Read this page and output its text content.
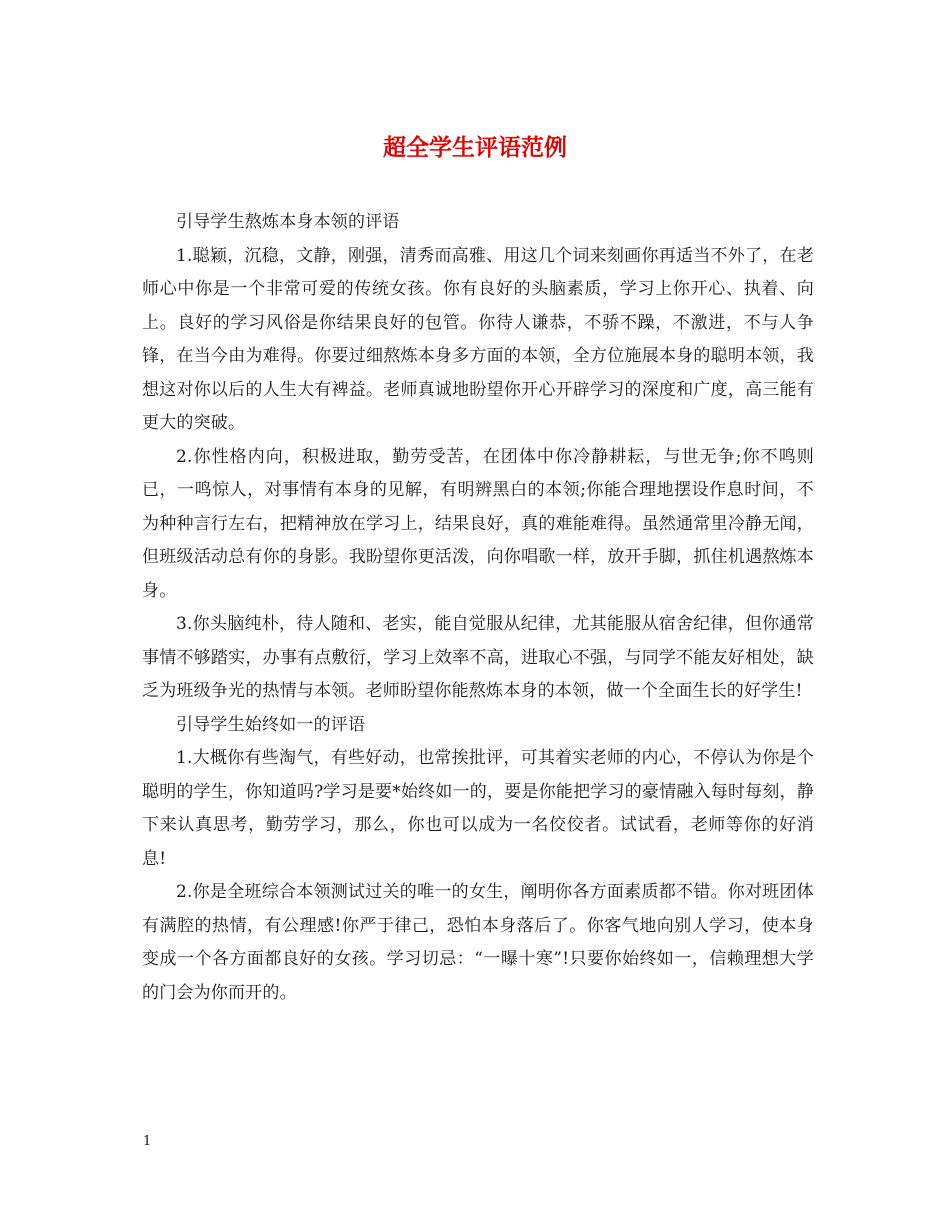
超全学生评语范例

引导学生熬炼本身本领的评语

1.聪颖，沉稳，文静，刚强，清秀而高雅、用这几个词来刻画你再适当不外了，在老师心中你是一个非常可爱的传统女孩。你有良好的头脑素质，学习上你开心、执着、向上。良好的学习风俗是你结果良好的包管。你待人谦恭，不骄不躁，不激进，不与人争锋，在当今由为难得。你要过细熬炼本身多方面的本领，全方位施展本身的聪明本领，我想这对你以后的人生大有裨益。老师真诚地盼望你开心开辟学习的深度和广度，高三能有更大的突破。

2.你性格内向，积极进取，勤劳受苦，在团体中你冷静耕耘，与世无争;你不鸣则已，一鸣惊人，对事情有本身的见解，有明辨黑白的本领;你能合理地摆设作息时间，不为种种言行左右，把精神放在学习上，结果良好，真的难能难得。虽然通常里冷静无闻，但班级活动总有你的身影。我盼望你更活泼，向你唱歌一样，放开手脚，抓住机遇熬炼本身。

3.你头脑纯朴，待人随和、老实，能自觉服从纪律，尤其能服从宿舍纪律，但你通常事情不够踏实，办事有点敷衍，学习上效率不高，进取心不强，与同学不能友好相处，缺乏为班级争光的热情与本领。老师盼望你能熬炼本身的本领，做一个全面生长的好学生!

引导学生始终如一的评语

1.大概你有些淘气，有些好动，也常挨批评，可其着实老师的内心，不停认为你是个聪明的学生，你知道吗?学习是要*始终如一的，要是你能把学习的豪情融入每时每刻，静下来认真思考，勤劳学习，那么，你也可以成为一名佼佼者。试试看，老师等你的好消息!

2.你是全班综合本领测试过关的唯一的女生，阐明你各方面素质都不错。你对班团体有满腔的热情，有公理感!你严于律己，恐怕本身落后了。你客气地向别人学习，使本身变成一个各方面都良好的女孩。学习切忌：“一曝十寒”!只要你始终如一，信赖理想大学的门会为你而开的。

1
